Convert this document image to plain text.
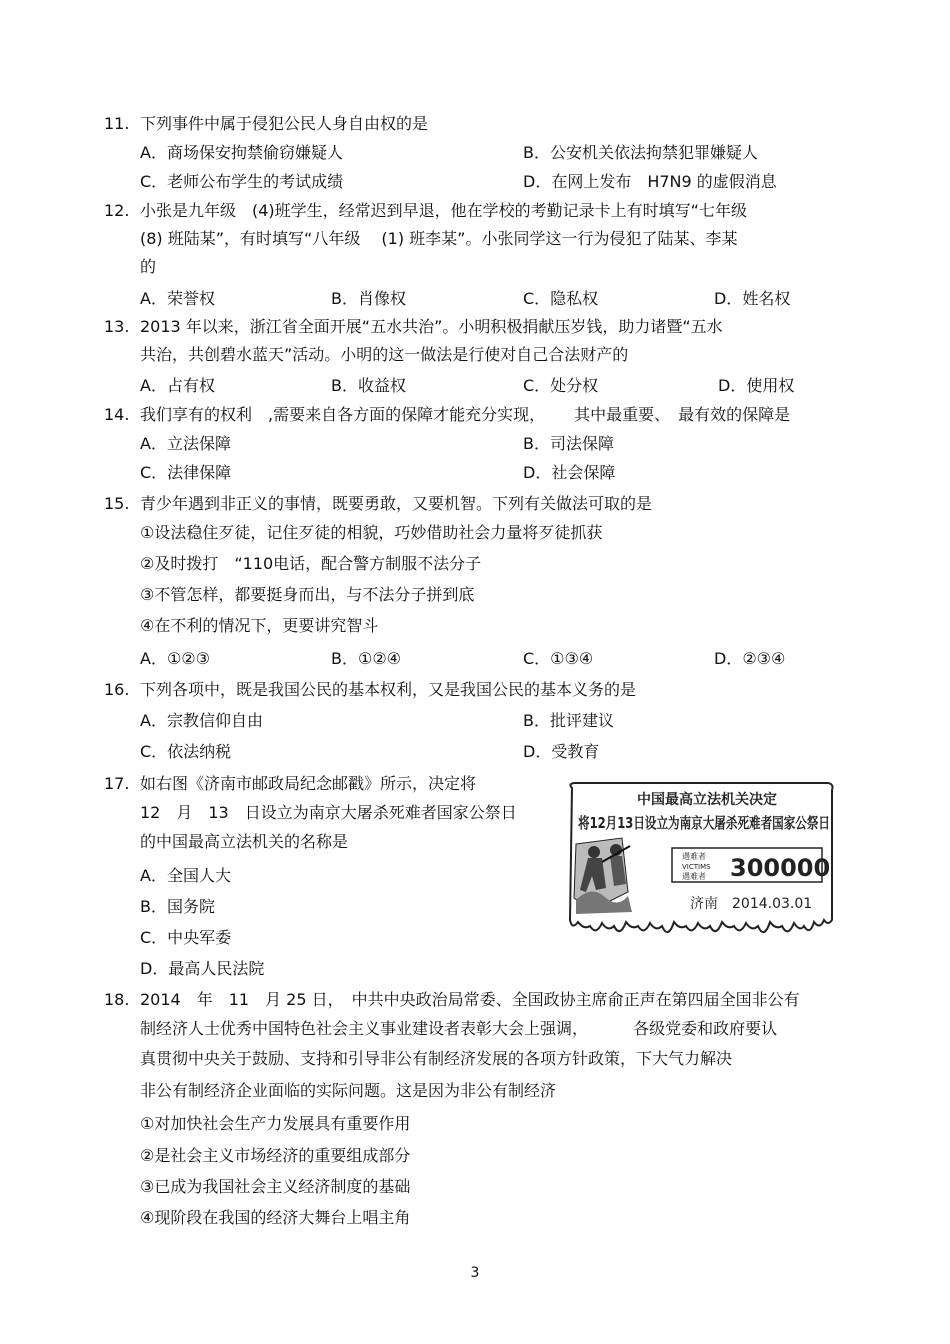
11. 下列事件中属于侵犯公民人身自由权的是
A．商场保安拘禁偷窃嫌疑人	B．公安机关依法拘禁犯罪嫌疑人
C．老师公布学生的考试成绩	D．在网上发布　H7N9 的虚假消息
12. 小张是九年级　(4)班学生，经常迟到早退，他在学校的考勤记录卡上有时填写“七年级
(8) 班陆某”，有时填写“八年级　 (1) 班李某”。小张同学这一行为侵犯了陆某、李某
的
A．荣誉权	B．肖像权	C．隐私权	D．姓名权
13. 2013 年以来，浙江省全面开展“五水共治”。小明积极捐献压岁钱，助力诸暨“五水
共治，共创碧水蓝天”活动。小明的这一做法是行使对自己合法财产的
A．占有权	B．收益权	C．处分权	D．使用权
14. 我们享有的权利　,需要来自各方面的保障才能充分实现，　　 其中最重要、　最有效的保障是
A．立法保障	B．司法保障
C．法律保障	D．社会保障
15. 青少年遇到非正义的事情，既要勇敢，又要机智。下列有关做法可取的是
①设法稳住歹徒，记住歹徒的相貌，巧妙借助社会力量将歹徒抓获
②及时拨打　“110电话，配合警方制服不法分子
③不管怎样，都要挺身而出，与不法分子拼到底
④在不利的情况下，更要讲究智斗
A．①②③	B．①②④	C．①③④	D．②③④
16. 下列各项中，既是我国公民的基本权利，又是我国公民的基本义务的是
A．宗教信仰自由	B．批评建议
C．依法纳税	D．受教育
17. 如右图《济南市邮政局纪念邮戳》所示，决定将
12　月　13　日设立为南京大屠杀死难者国家公祭日
的中国最高立法机关的名称是
A．全国人大
B．国务院
C．中央军委
D．最高人民法院
中国最高立法机关决定
将12月13日设立为南京大屠杀死难者国家公祭日
遇难者
VICTIMS
遇难者 300000
济南 2014.03.01
18. 2014　年　11　月 25 日，　中共中央政治局常委、全国政协主席俞正声在第四届全国非公有
制经济人士优秀中国特色社会主义事业建设者表彰大会上强调，　　　 各级党委和政府要认
真贯彻中央关于鼓励、支持和引导非公有制经济发展的各项方针政策，下大气力解决
非公有制经济企业面临的实际问题。这是因为非公有制经济
①对加快社会生产力发展具有重要作用
②是社会主义市场经济的重要组成部分
③已成为我国社会主义经济制度的基础
④现阶段在我国的经济大舞台上唱主角
3
